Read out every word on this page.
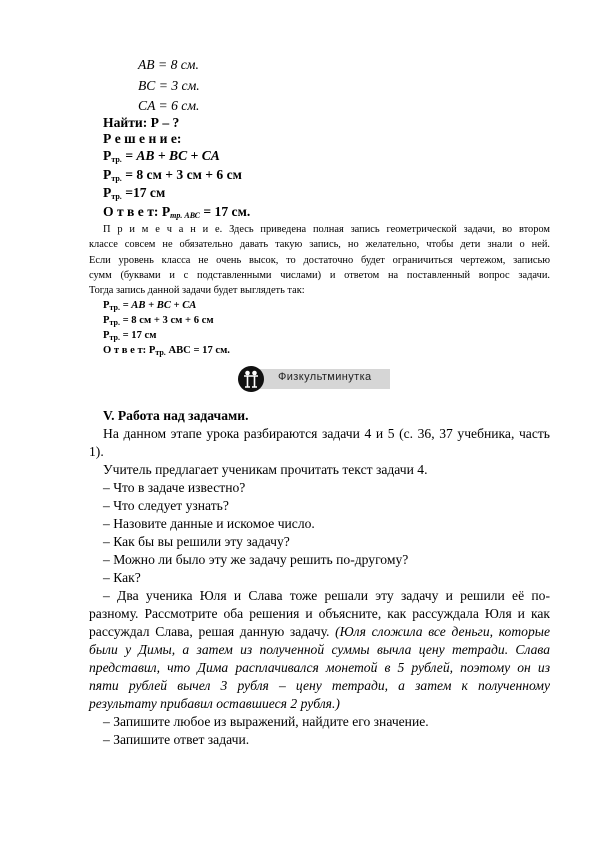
AB = 8 см.
BC = 3 см.
CA = 6 см.
Найти: Р – ?
Р е ш е н и е:
$Р_{тр.}$ = AB + BC + CA
$Р_{тр.} = 8$ см + 3 см + 6 см
$Р_{тр.} =17$ см
О т в е т: $Р_{тр. АВС} = 17$ см.
П р и м е ч а н и е. Здесь приведена полная запись геометрической задачи, во втором
классе совсем не обязательно давать такую запись, но желательно, чтобы дети знали о ней.
Если уровень класса не очень высок, то достаточно будет ограничиться чертежом, записью
сумм (буквами и с подставленными числами) и ответом на поставленный вопрос задачи.
Тогда запись данной задачи будет выглядеть так:
$Р_{тр.}$ = AB + BC + CA
$Р_{тр.} = 8$ см + 3 см + 6 см
$Р_{тр.} = 17$ см
О т в е т: $Р_{тр.}$ АВС = 17 см.
Физкультминутка
V. Работа над задачами.
На данном этапе урока разбираются задачи 4 и 5 (с. 36, 37 учебника, часть
1).
Учитель предлагает ученикам прочитать текст задачи 4.
– Что в задаче известно?
– Что следует узнать?
– Назовите данные и искомое число.
– Как бы вы решили эту задачу?
– Можно ли было эту же задачу решить по-другому?
– Как?
– Два ученика Юля и Слава тоже решали эту задачу и решили её по-
разному. Рассмотрите оба решения и объясните, как рассуждала Юля и как
рассуждал Слава, решая данную задачу. (Юля сложила все деньги, которые
были у Димы, а затем из полученной суммы вычла цену тетради. Слава
представил, что Дима расплачивался монетой в 5 рублей, поэтому он из
пяти рублей вычел 3 рубля – цену тетради, а затем к полученному
результату прибавил оставшиеся 2 рубля.)
– Запишите любое из выражений, найдите его значение.
– Запишите ответ задачи.
